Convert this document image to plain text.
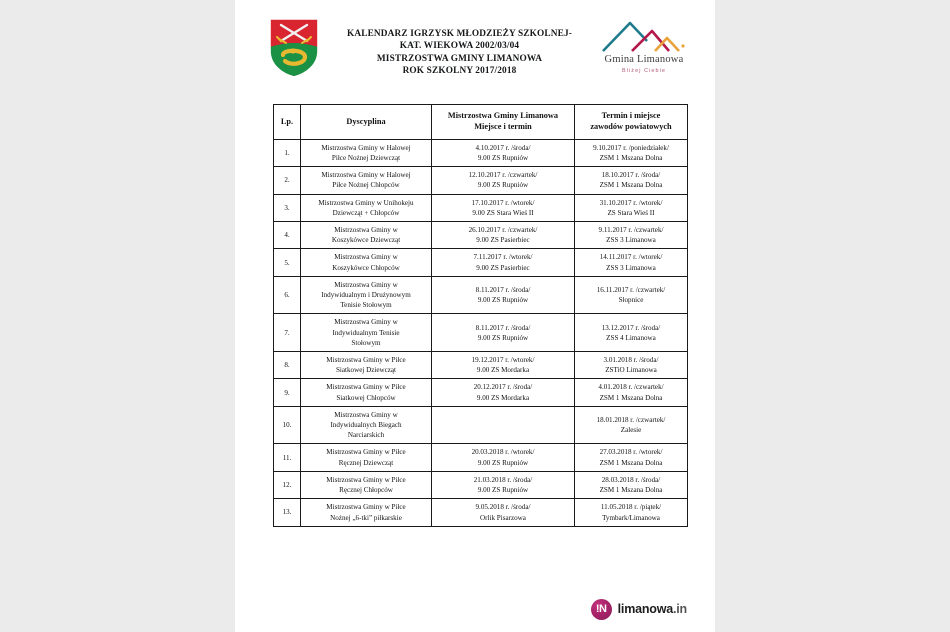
KALENDARZ IGRZYSK MŁODZIEŻY SZKOLNEJ-
KAT. WIEKOWA 2002/03/04
MISTRZOSTWA GMINY LIMANOWA
ROK SZKOLNY 2017/2018
Gmina Limanowa
Bliżej Ciebie
Lp.	Dyscyplina	Mistrzostwa Gminy Limanowa
Miejsce i termin	Termin i miejsce
zawodów powiatowych

1.	Mistrzostwa Gminy w Halowej
Piłce Nożnej Dziewcząt	4.10.2017 r. /środa/
9.00 ZS Rupniów	9.10.2017 r. /poniedziałek/
ZSM 1 Mszana Dolna

2.	Mistrzostwa Gminy w Halowej
Piłce Nożnej Chłopców	12.10.2017 r. /czwartek/
9.00 ZS Rupniów	18.10.2017 r. /środa/
ZSM 1 Mszana Dolna

3.	Mistrzostwa Gminy w Unihokeju
Dziewcząt + Chłopców	17.10.2017 r. /wtorek/
9.00 ZS Stara Wieś II	31.10.2017 r. /wtorek/
ZS Stara Wieś II

4.	Mistrzostwa Gminy w
Koszykówce Dziewcząt	26.10.2017 r. /czwartek/
9.00 ZS Pasierbiec	9.11.2017 r. /czwartek/
ZSS 3 Limanowa

5.	Mistrzostwa Gminy w
Koszykówce Chłopców	7.11.2017 r. /wtorek/
9.00 ZS Pasierbiec	14.11.2017 r. /wtorek/
ZSS 3 Limanowa

6.	Mistrzostwa Gminy w
Indywidualnym i Drużynowym
Tenisie Stołowym	8.11.2017 r. /środa/
9.00 ZS Rupniów	16.11.2017 r. /czwartek/
Słopnice

7.	Mistrzostwa Gminy w
Indywidualnym Tenisie
Stołowym	8.11.2017 r. /środa/
9.00 ZS Rupniów	13.12.2017 r. /środa/
ZSS 4 Limanowa

8.	Mistrzostwa Gminy w Piłce
Siatkowej Dziewcząt	19.12.2017 r. /wtorek/
9.00 ZS Mordarka	3.01.2018 r. /środa/
ZSTiO Limanowa

9.	Mistrzostwa Gminy w Piłce
Siatkowej Chłopców	20.12.2017 r. /środa/
9.00 ZS Mordarka	4.01.2018 r. /czwartek/
ZSM 1 Mszana Dolna

10.	Mistrzostwa Gminy w
Indywidualnych Biegach
Narciarskich		18.01.2018 r. /czwartek/
Zalesie

11.	Mistrzostwa Gminy w Piłce
Ręcznej Dziewcząt	20.03.2018 r. /wtorek/
9.00 ZS Rupniów	27.03.2018 r. /wtorek/
ZSM 1 Mszana Dolna

12.	Mistrzostwa Gminy w Piłce
Ręcznej Chłopców	21.03.2018 r. /środa/
9.00 ZS Rupniów	28.03.2018 r. /środa/
ZSM 1 Mszana Dolna

13.	Mistrzostwa Gminy w Piłce
Nożnej „6-tki” piłkarskie	9.05.2018 r. /środa/
Orlik Pisarzowa	11.05.2018 r. /piątek/
Tymbark/Limanowa
!N limanowa.in
